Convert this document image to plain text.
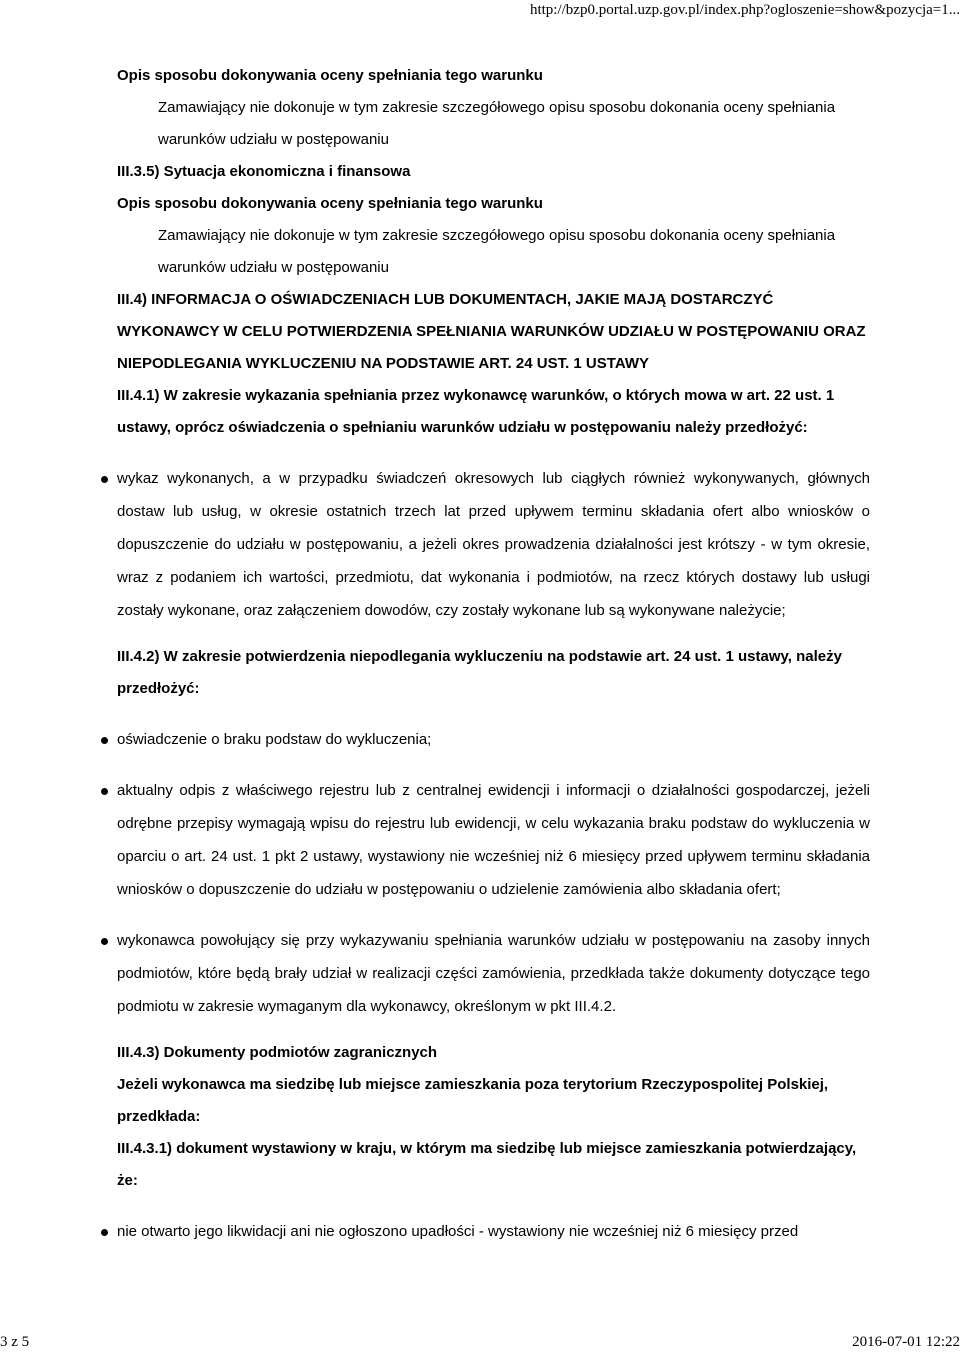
http://bzp0.portal.uzp.gov.pl/index.php?ogloszenie=show&pozycja=1...
Opis sposobu dokonywania oceny spełniania tego warunku
Zamawiający nie dokonuje w tym zakresie szczegółowego opisu sposobu dokonania oceny spełniania warunków udziału w postępowaniu
III.3.5) Sytuacja ekonomiczna i finansowa
Opis sposobu dokonywania oceny spełniania tego warunku
Zamawiający nie dokonuje w tym zakresie szczegółowego opisu sposobu dokonania oceny spełniania warunków udziału w postępowaniu
III.4) INFORMACJA O OŚWIADCZENIACH LUB DOKUMENTACH, JAKIE MAJĄ DOSTARCZYĆ WYKONAWCY W CELU POTWIERDZENIA SPEŁNIANIA WARUNKÓW UDZIAŁU W POSTĘPOWANIU ORAZ NIEPODLEGANIA WYKLUCZENIU NA PODSTAWIE ART. 24 UST. 1 USTAWY
III.4.1) W zakresie wykazania spełniania przez wykonawcę warunków, o których mowa w art. 22 ust. 1 ustawy, oprócz oświadczenia o spełnianiu warunków udziału w postępowaniu należy przedłożyć:
wykaz wykonanych, a w przypadku świadczeń okresowych lub ciągłych również wykonywanych, głównych dostaw lub usług, w okresie ostatnich trzech lat przed upływem terminu składania ofert albo wniosków o dopuszczenie do udziału w postępowaniu, a jeżeli okres prowadzenia działalności jest krótszy - w tym okresie, wraz z podaniem ich wartości, przedmiotu, dat wykonania i podmiotów, na rzecz których dostawy lub usługi zostały wykonane, oraz załączeniem dowodów, czy zostały wykonane lub są wykonywane należycie;
III.4.2) W zakresie potwierdzenia niepodlegania wykluczeniu na podstawie art. 24 ust. 1 ustawy, należy przedłożyć:
oświadczenie o braku podstaw do wykluczenia;
aktualny odpis z właściwego rejestru lub z centralnej ewidencji i informacji o działalności gospodarczej, jeżeli odrębne przepisy wymagają wpisu do rejestru lub ewidencji, w celu wykazania braku podstaw do wykluczenia w oparciu o art. 24 ust. 1 pkt 2 ustawy, wystawiony nie wcześniej niż 6 miesięcy przed upływem terminu składania wniosków o dopuszczenie do udziału w postępowaniu o udzielenie zamówienia albo składania ofert;
wykonawca powołujący się przy wykazywaniu spełniania warunków udziału w postępowaniu na zasoby innych podmiotów, które będą brały udział w realizacji części zamówienia, przedkłada także dokumenty dotyczące tego podmiotu w zakresie wymaganym dla wykonawcy, określonym w pkt III.4.2.
III.4.3) Dokumenty podmiotów zagranicznych
Jeżeli wykonawca ma siedzibę lub miejsce zamieszkania poza terytorium Rzeczypospolitej Polskiej, przedkłada:
III.4.3.1) dokument wystawiony w kraju, w którym ma siedzibę lub miejsce zamieszkania potwierdzający, że:
nie otwarto jego likwidacji ani nie ogłoszono upadłości - wystawiony nie wcześniej niż 6 miesięcy przed
3 z 5	2016-07-01 12:22
